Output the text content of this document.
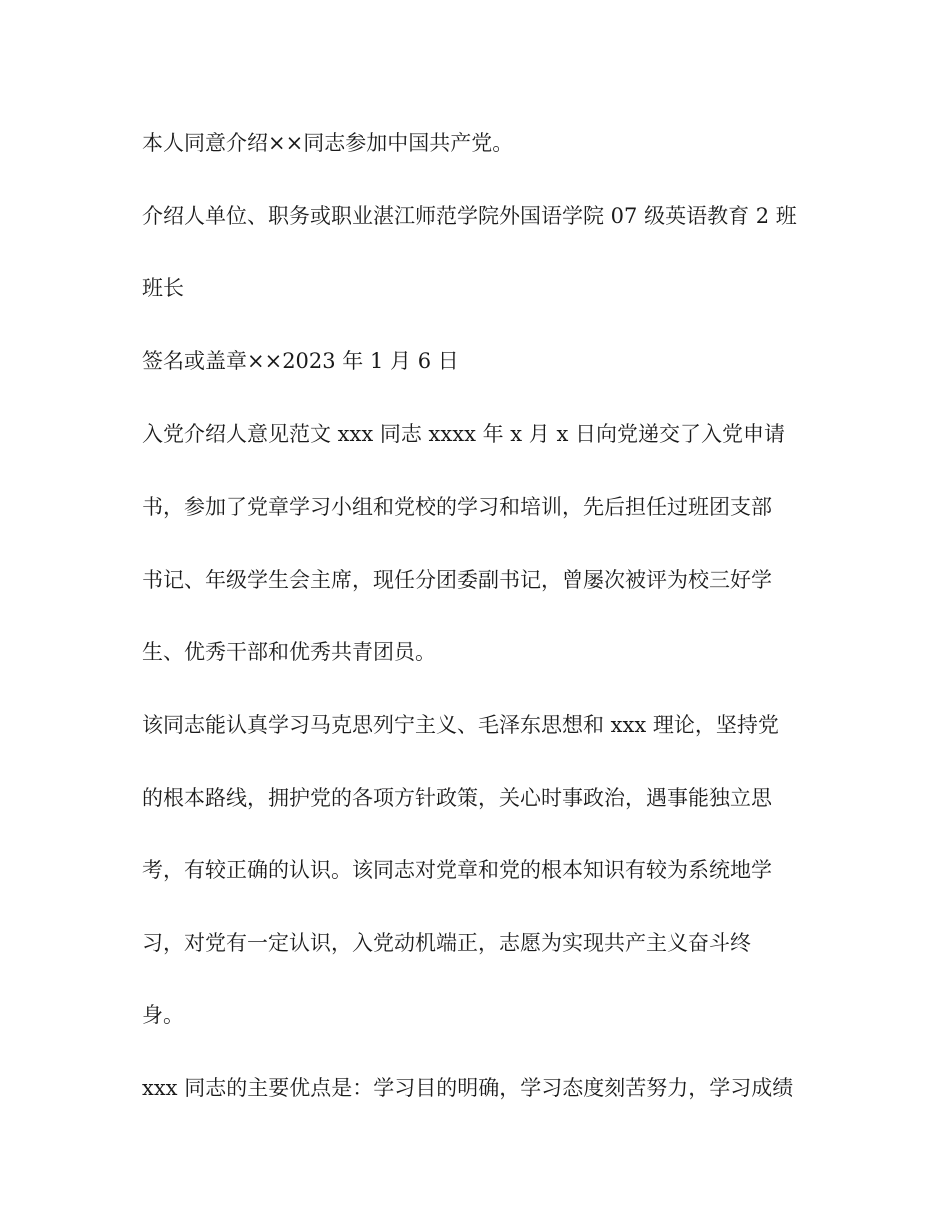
本人同意介绍××同志参加中国共产党。

介绍人单位、职务或职业湛江师范学院外国语学院 07 级英语教育 2 班

班长

签名或盖章××2023 年 1 月 6 日

入党介绍人意见范文 xxx 同志 xxxx 年 x 月 x 日向党递交了入党申请

书，参加了党章学习小组和党校的学习和培训，先后担任过班团支部

书记、年级学生会主席，现任分团委副书记，曾屡次被评为校三好学

生、优秀干部和优秀共青团员。

该同志能认真学习马克思列宁主义、毛泽东思想和 xxx 理论，坚持党

的根本路线，拥护党的各项方针政策，关心时事政治，遇事能独立思

考，有较正确的认识。该同志对党章和党的根本知识有较为系统地学

习，对党有一定认识，入党动机端正，志愿为实现共产主义奋斗终

身。

xxx 同志的主要优点是：学习目的明确，学习态度刻苦努力，学习成绩
